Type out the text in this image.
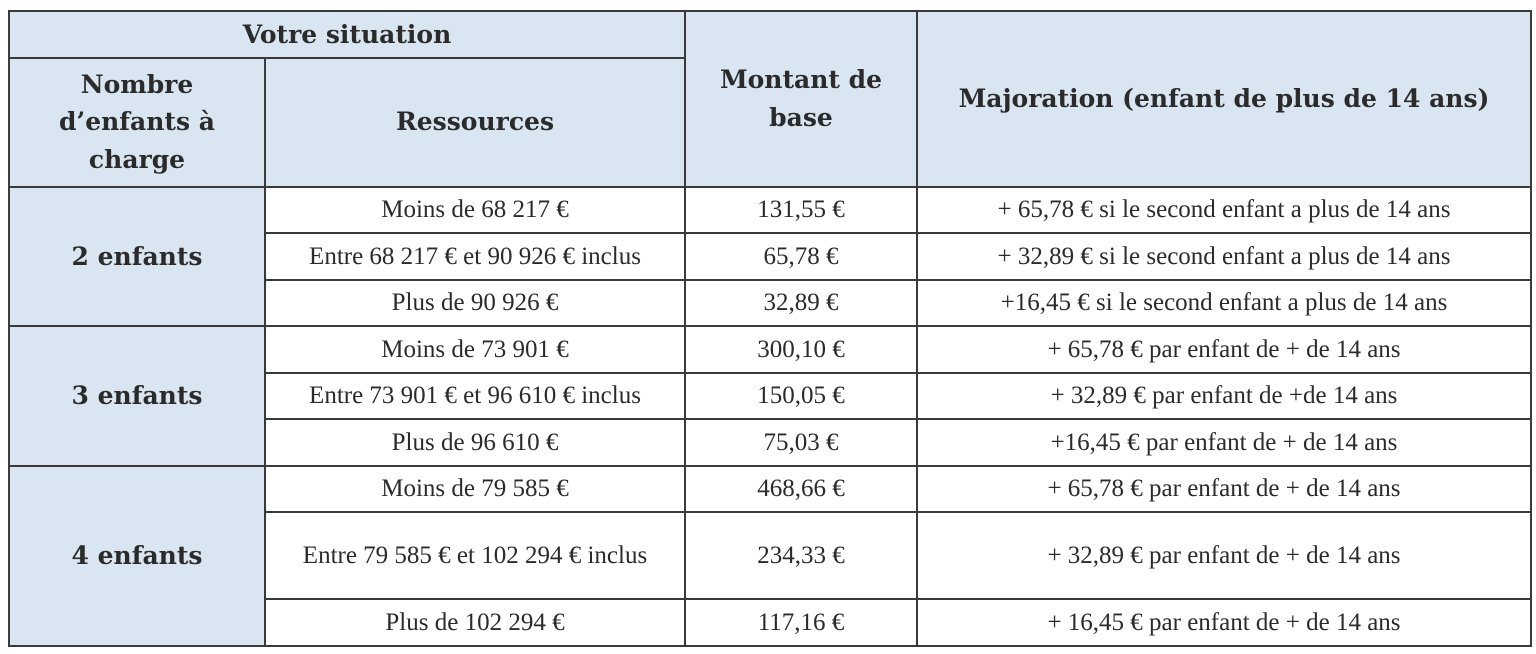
Votre situation		Montant de base	Majoration (enfant de plus de 14 ans)
Nombre d’enfants à charge	Ressources		
2 enfants	Moins de 68 217 €	131,55 €	+ 65,78 € si le second enfant a plus de 14 ans
	Entre 68 217 € et 90 926 € inclus	65,78 €	+ 32,89 € si le second enfant a plus de 14 ans
	Plus de 90 926 €	32,89 €	+16,45 € si le second enfant a plus de 14 ans
3 enfants	Moins de 73 901 €	300,10 €	+ 65,78 € par enfant de + de 14 ans
	Entre 73 901 € et 96 610 € inclus	150,05 €	+ 32,89 € par enfant de +de 14 ans
	Plus de 96 610 €	75,03 €	+16,45 € par enfant de + de 14 ans
4 enfants	Moins de 79 585 €	468,66 €	+ 65,78 € par enfant de + de 14 ans
	Entre 79 585 € et 102 294 € inclus	234,33 €	+ 32,89 € par enfant de + de 14 ans
	Plus de 102 294 €	117,16 €	+ 16,45 € par enfant de + de 14 ans
